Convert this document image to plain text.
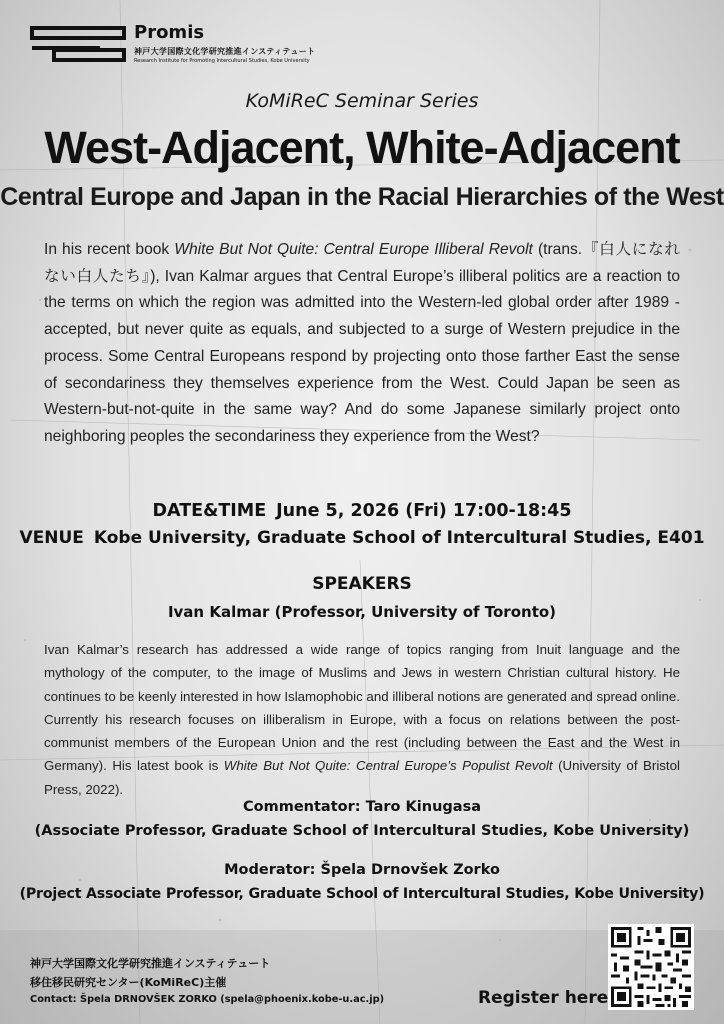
Promis
神戸大学国際文化学研究推進インスティテュート
Research Institute for Promoting Intercultural Studies, Kobe University
KoMiReC Seminar Series
West-Adjacent, White-Adjacent
Central Europe and Japan in the Racial Hierarchies of the West

In his recent book White But Not Quite: Central Europe Illiberal Revolt (trans.『白人になれない白人たち』), Ivan Kalmar argues that Central Europe’s illiberal politics are a reaction to the terms on which the region was admitted into the Western-led global order after 1989 - accepted, but never quite as equals, and subjected to a surge of Western prejudice in the process. Some Central Europeans respond by projecting onto those farther East the sense of secondariness they themselves experience from the West. Could Japan be seen as Western-but-not-quite in the same way? And do some Japanese similarly project onto neighboring peoples the secondariness they experience from the West?

DATE&TIME June 5, 2026 (Fri) 17:00-18:45
VENUE Kobe University, Graduate School of Intercultural Studies, E401
SPEAKERS
Ivan Kalmar (Professor, University of Toronto)

Ivan Kalmar’s research has addressed a wide range of topics ranging from Inuit language and the mythology of the computer, to the image of Muslims and Jews in western Christian cultural history. He continues to be keenly interested in how Islamophobic and illiberal notions are generated and spread online. Currently his research focuses on illiberalism in Europe, with a focus on relations between the post-communist members of the European Union and the rest (including between the East and the West in Germany). His latest book is White But Not Quite: Central Europe’s Populist Revolt (University of Bristol Press, 2022).

Commentator: Taro Kinugasa
(Associate Professor, Graduate School of Intercultural Studies, Kobe University)
Moderator: Špela Drnovšek Zorko
(Project Associate Professor, Graduate School of Intercultural Studies, Kobe University)
神戸大学国際文化学研究推進インスティテュート
移住移民研究センター(KoMiReC)主催
Contact: Špela DRNOVŠEK ZORKO (spela@phoenix.kobe-u.ac.jp)	Register here
